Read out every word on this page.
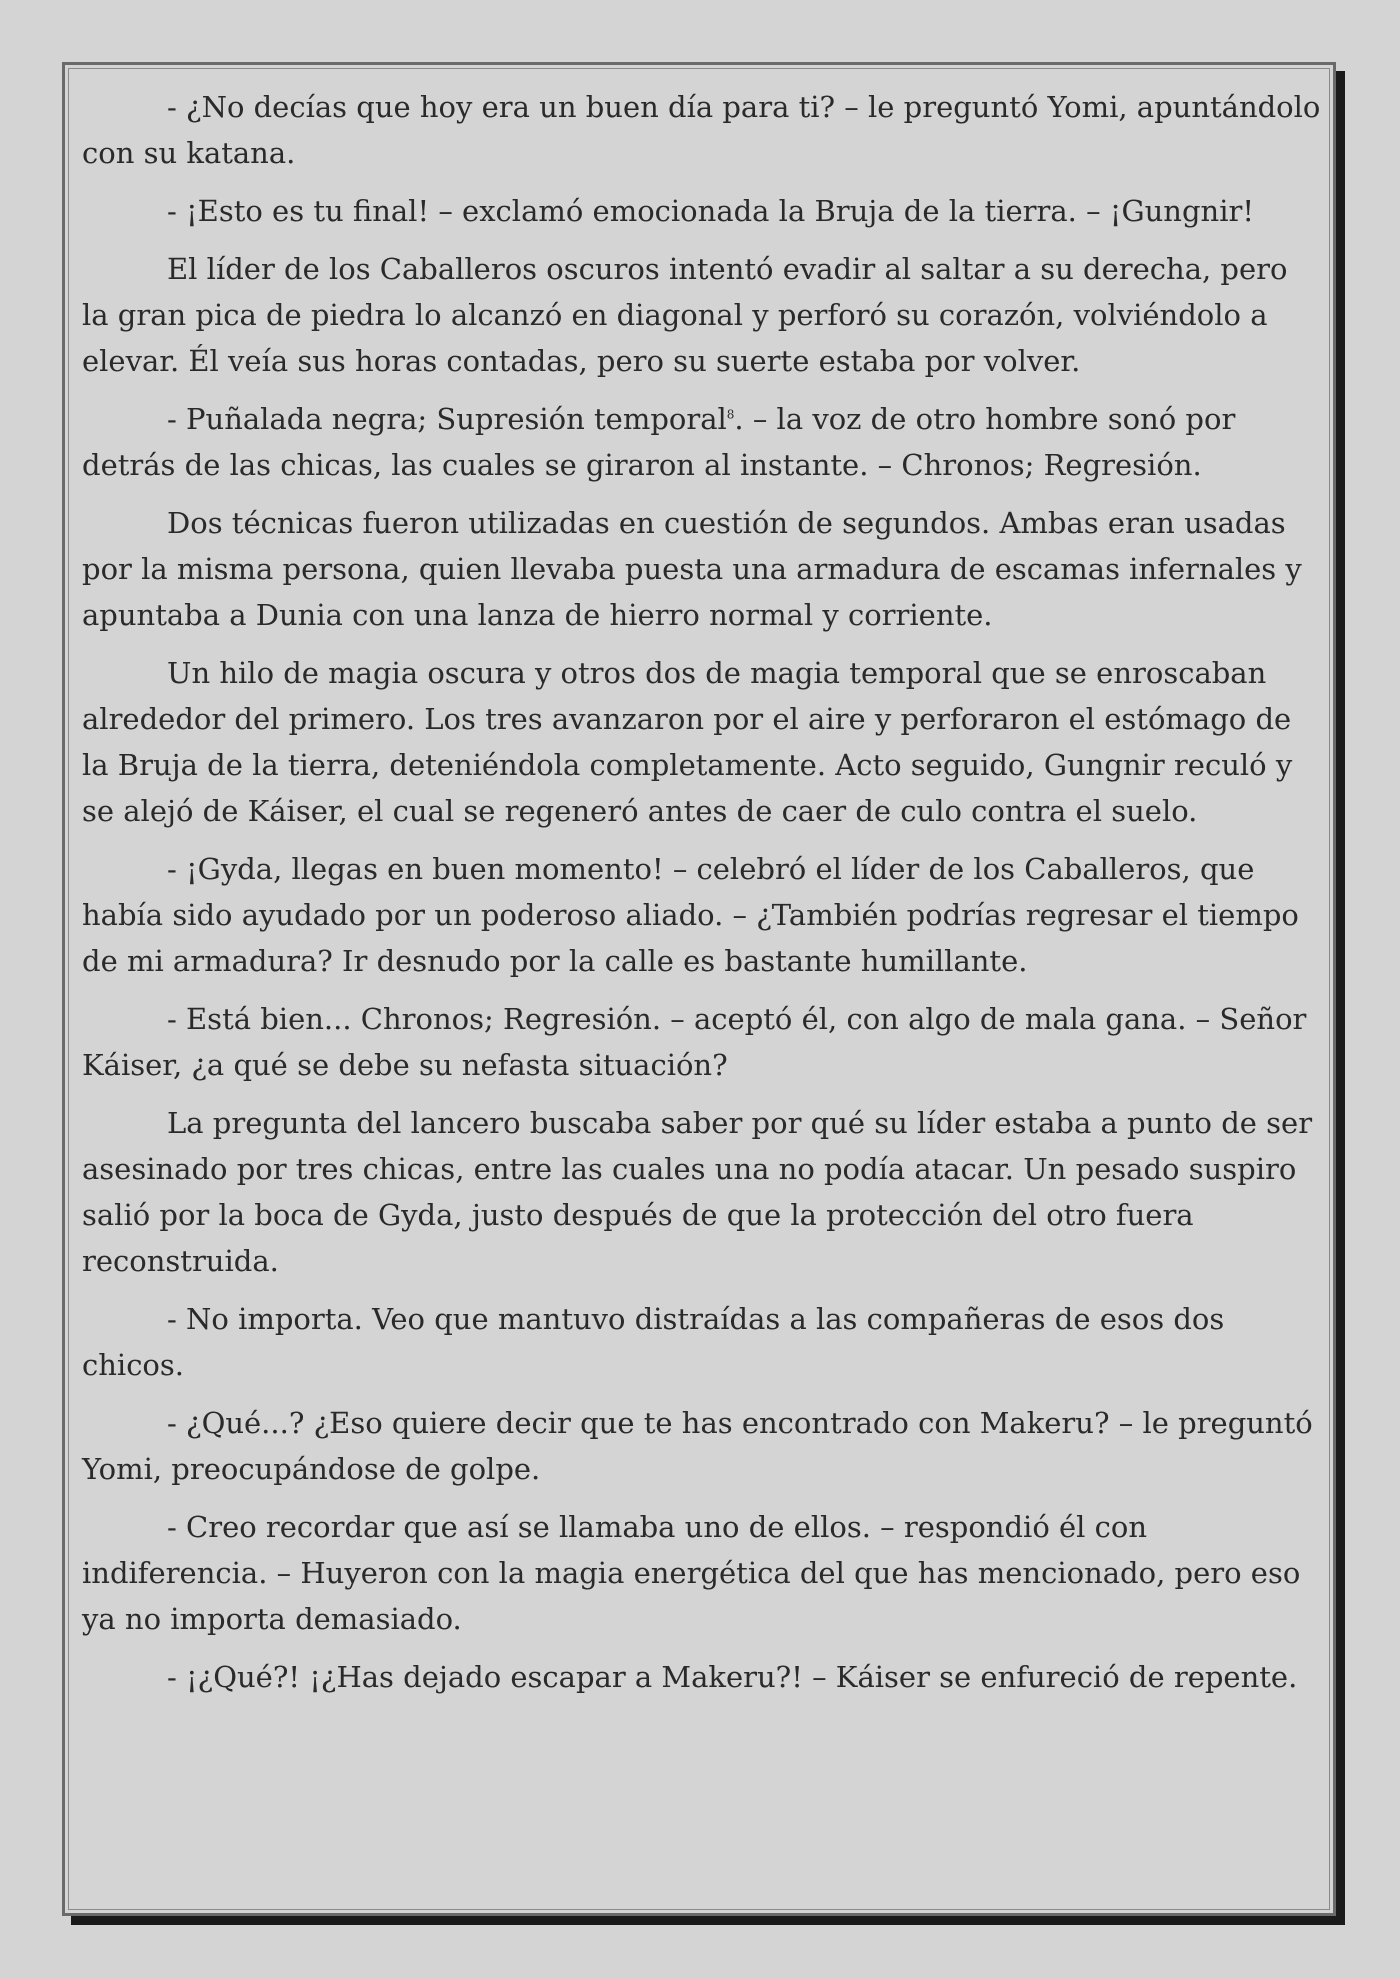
- ¿No decías que hoy era un buen día para ti? – le preguntó Yomi, apuntándolo con su katana.

- ¡Esto es tu final! – exclamó emocionada la Bruja de la tierra. – ¡Gungnir!

El líder de los Caballeros oscuros intentó evadir al saltar a su derecha, pero la gran pica de piedra lo alcanzó en diagonal y perforó su corazón, volviéndolo a elevar. Él veía sus horas contadas, pero su suerte estaba por volver.

- Puñalada negra; Supresión temporal$^8$. – la voz de otro hombre sonó por detrás de las chicas, las cuales se giraron al instante. – Chronos; Regresión.

Dos técnicas fueron utilizadas en cuestión de segundos. Ambas eran usadas por la misma persona, quien llevaba puesta una armadura de escamas infernales y apuntaba a Dunia con una lanza de hierro normal y corriente.

Un hilo de magia oscura y otros dos de magia temporal que se enroscaban alrededor del primero. Los tres avanzaron por el aire y perforaron el estómago de la Bruja de la tierra, deteniéndola completamente. Acto seguido, Gungnir reculó y se alejó de Káiser, el cual se regeneró antes de caer de culo contra el suelo.

- ¡Gyda, llegas en buen momento! – celebró el líder de los Caballeros, que había sido ayudado por un poderoso aliado. – ¿También podrías regresar el tiempo de mi armadura? Ir desnudo por la calle es bastante humillante.

- Está bien... Chronos; Regresión. – aceptó él, con algo de mala gana. – Señor Káiser, ¿a qué se debe su nefasta situación?

La pregunta del lancero buscaba saber por qué su líder estaba a punto de ser asesinado por tres chicas, entre las cuales una no podía atacar. Un pesado suspiro salió por la boca de Gyda, justo después de que la protección del otro fuera reconstruida.

- No importa. Veo que mantuvo distraídas a las compañeras de esos dos chicos.

- ¿Qué...? ¿Eso quiere decir que te has encontrado con Makeru? – le preguntó Yomi, preocupándose de golpe.

- Creo recordar que así se llamaba uno de ellos. – respondió él con indiferencia. – Huyeron con la magia energética del que has mencionado, pero eso ya no importa demasiado.

- ¡¿Qué?! ¡¿Has dejado escapar a Makeru?! – Káiser se enfureció de repente.
